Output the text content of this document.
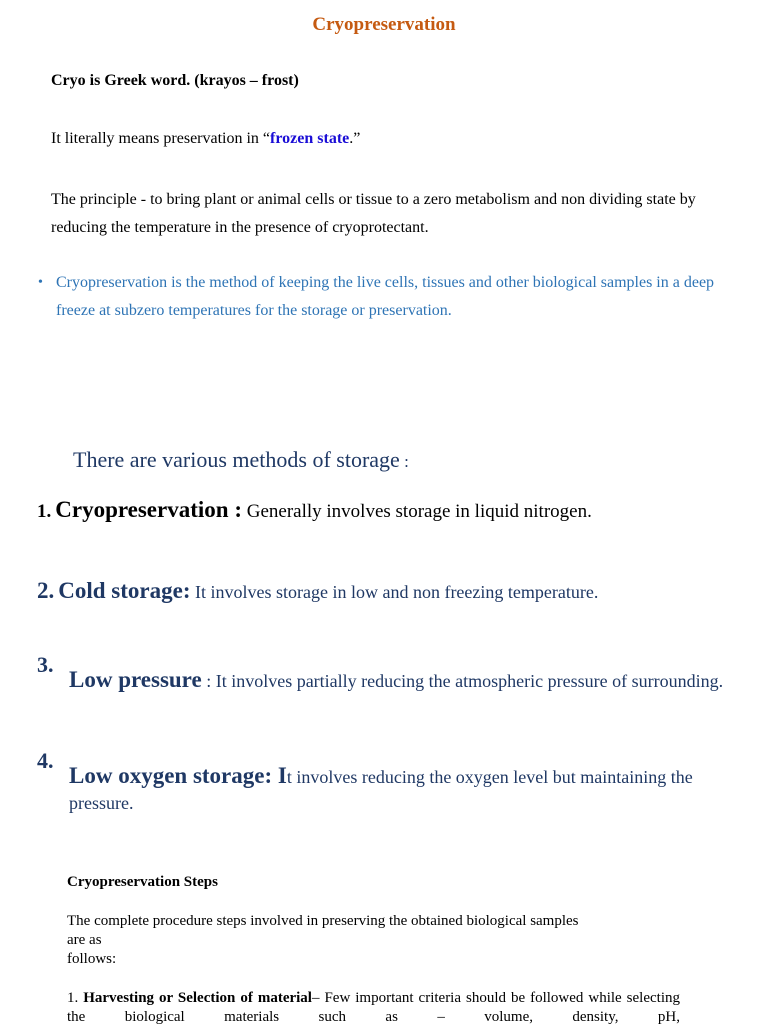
Cryopreservation

Cryo is Greek word. (krayos – frost)

It literally means preservation in “frozen state.”

The principle - to bring plant or animal cells or tissue to a zero metabolism and non dividing state by reducing the temperature in the presence of cryoprotectant.

• Cryopreservation is the method of keeping the live cells, tissues and other biological samples in a deep freeze at subzero temperatures for the storage or preservation.

There are various methods of storage :

1. Cryopreservation : Generally involves storage in liquid nitrogen.

2. Cold storage: It involves storage in low and non freezing temperature.

3.

Low pressure : It involves partially reducing the atmospheric pressure of surrounding.

4.

Low oxygen storage: It involves reducing the oxygen level but maintaining the pressure.

Cryopreservation Steps

The complete procedure steps involved in preserving the obtained biological samples
are as
follows:

1. Harvesting or Selection of material– Few important criteria should be followed while selecting the biological materials such as – volume, density, pH,
